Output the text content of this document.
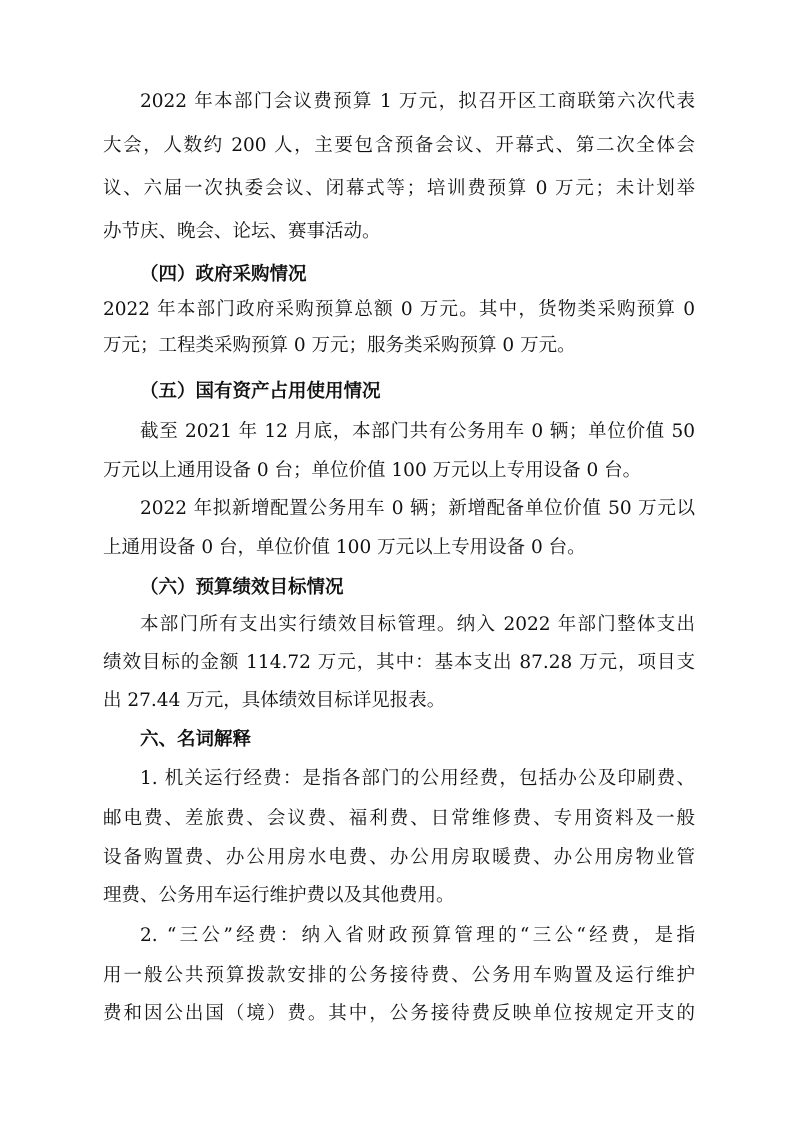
2022 年本部门会议费预算 1 万元，拟召开区工商联第六次代表
大会，人数约 200 人，主要包含预备会议、开幕式、第二次全体会
议、六届一次执委会议、闭幕式等；培训费预算 0 万元；未计划举
办节庆、晚会、论坛、赛事活动。
（四）政府采购情况
2022 年本部门政府采购预算总额 0 万元。其中，货物类采购预算 0
万元；工程类采购预算 0 万元；服务类采购预算 0 万元。
（五）国有资产占用使用情况
截至 2021 年 12 月底，本部门共有公务用车 0 辆；单位价值 50
万元以上通用设备 0 台；单位价值 100 万元以上专用设备 0 台。
2022 年拟新增配置公务用车 0 辆；新增配备单位价值 50 万元以
上通用设备 0 台，单位价值 100 万元以上专用设备 0 台。
（六）预算绩效目标情况
本部门所有支出实行绩效目标管理。纳入 2022 年部门整体支出
绩效目标的金额 114.72 万元，其中：基本支出 87.28 万元，项目支
出 27.44 万元，具体绩效目标详见报表。
六、名词解释
1. 机关运行经费：是指各部门的公用经费，包括办公及印刷费、
邮电费、差旅费、会议费、福利费、日常维修费、专用资料及一般
设备购置费、办公用房水电费、办公用房取暖费、办公用房物业管
理费、公务用车运行维护费以及其他费用。
2. “三公”经费：纳入省财政预算管理的“三公“经费，是指
用一般公共预算拨款安排的公务接待费、公务用车购置及运行维护
费和因公出国（境）费。其中，公务接待费反映单位按规定开支的
